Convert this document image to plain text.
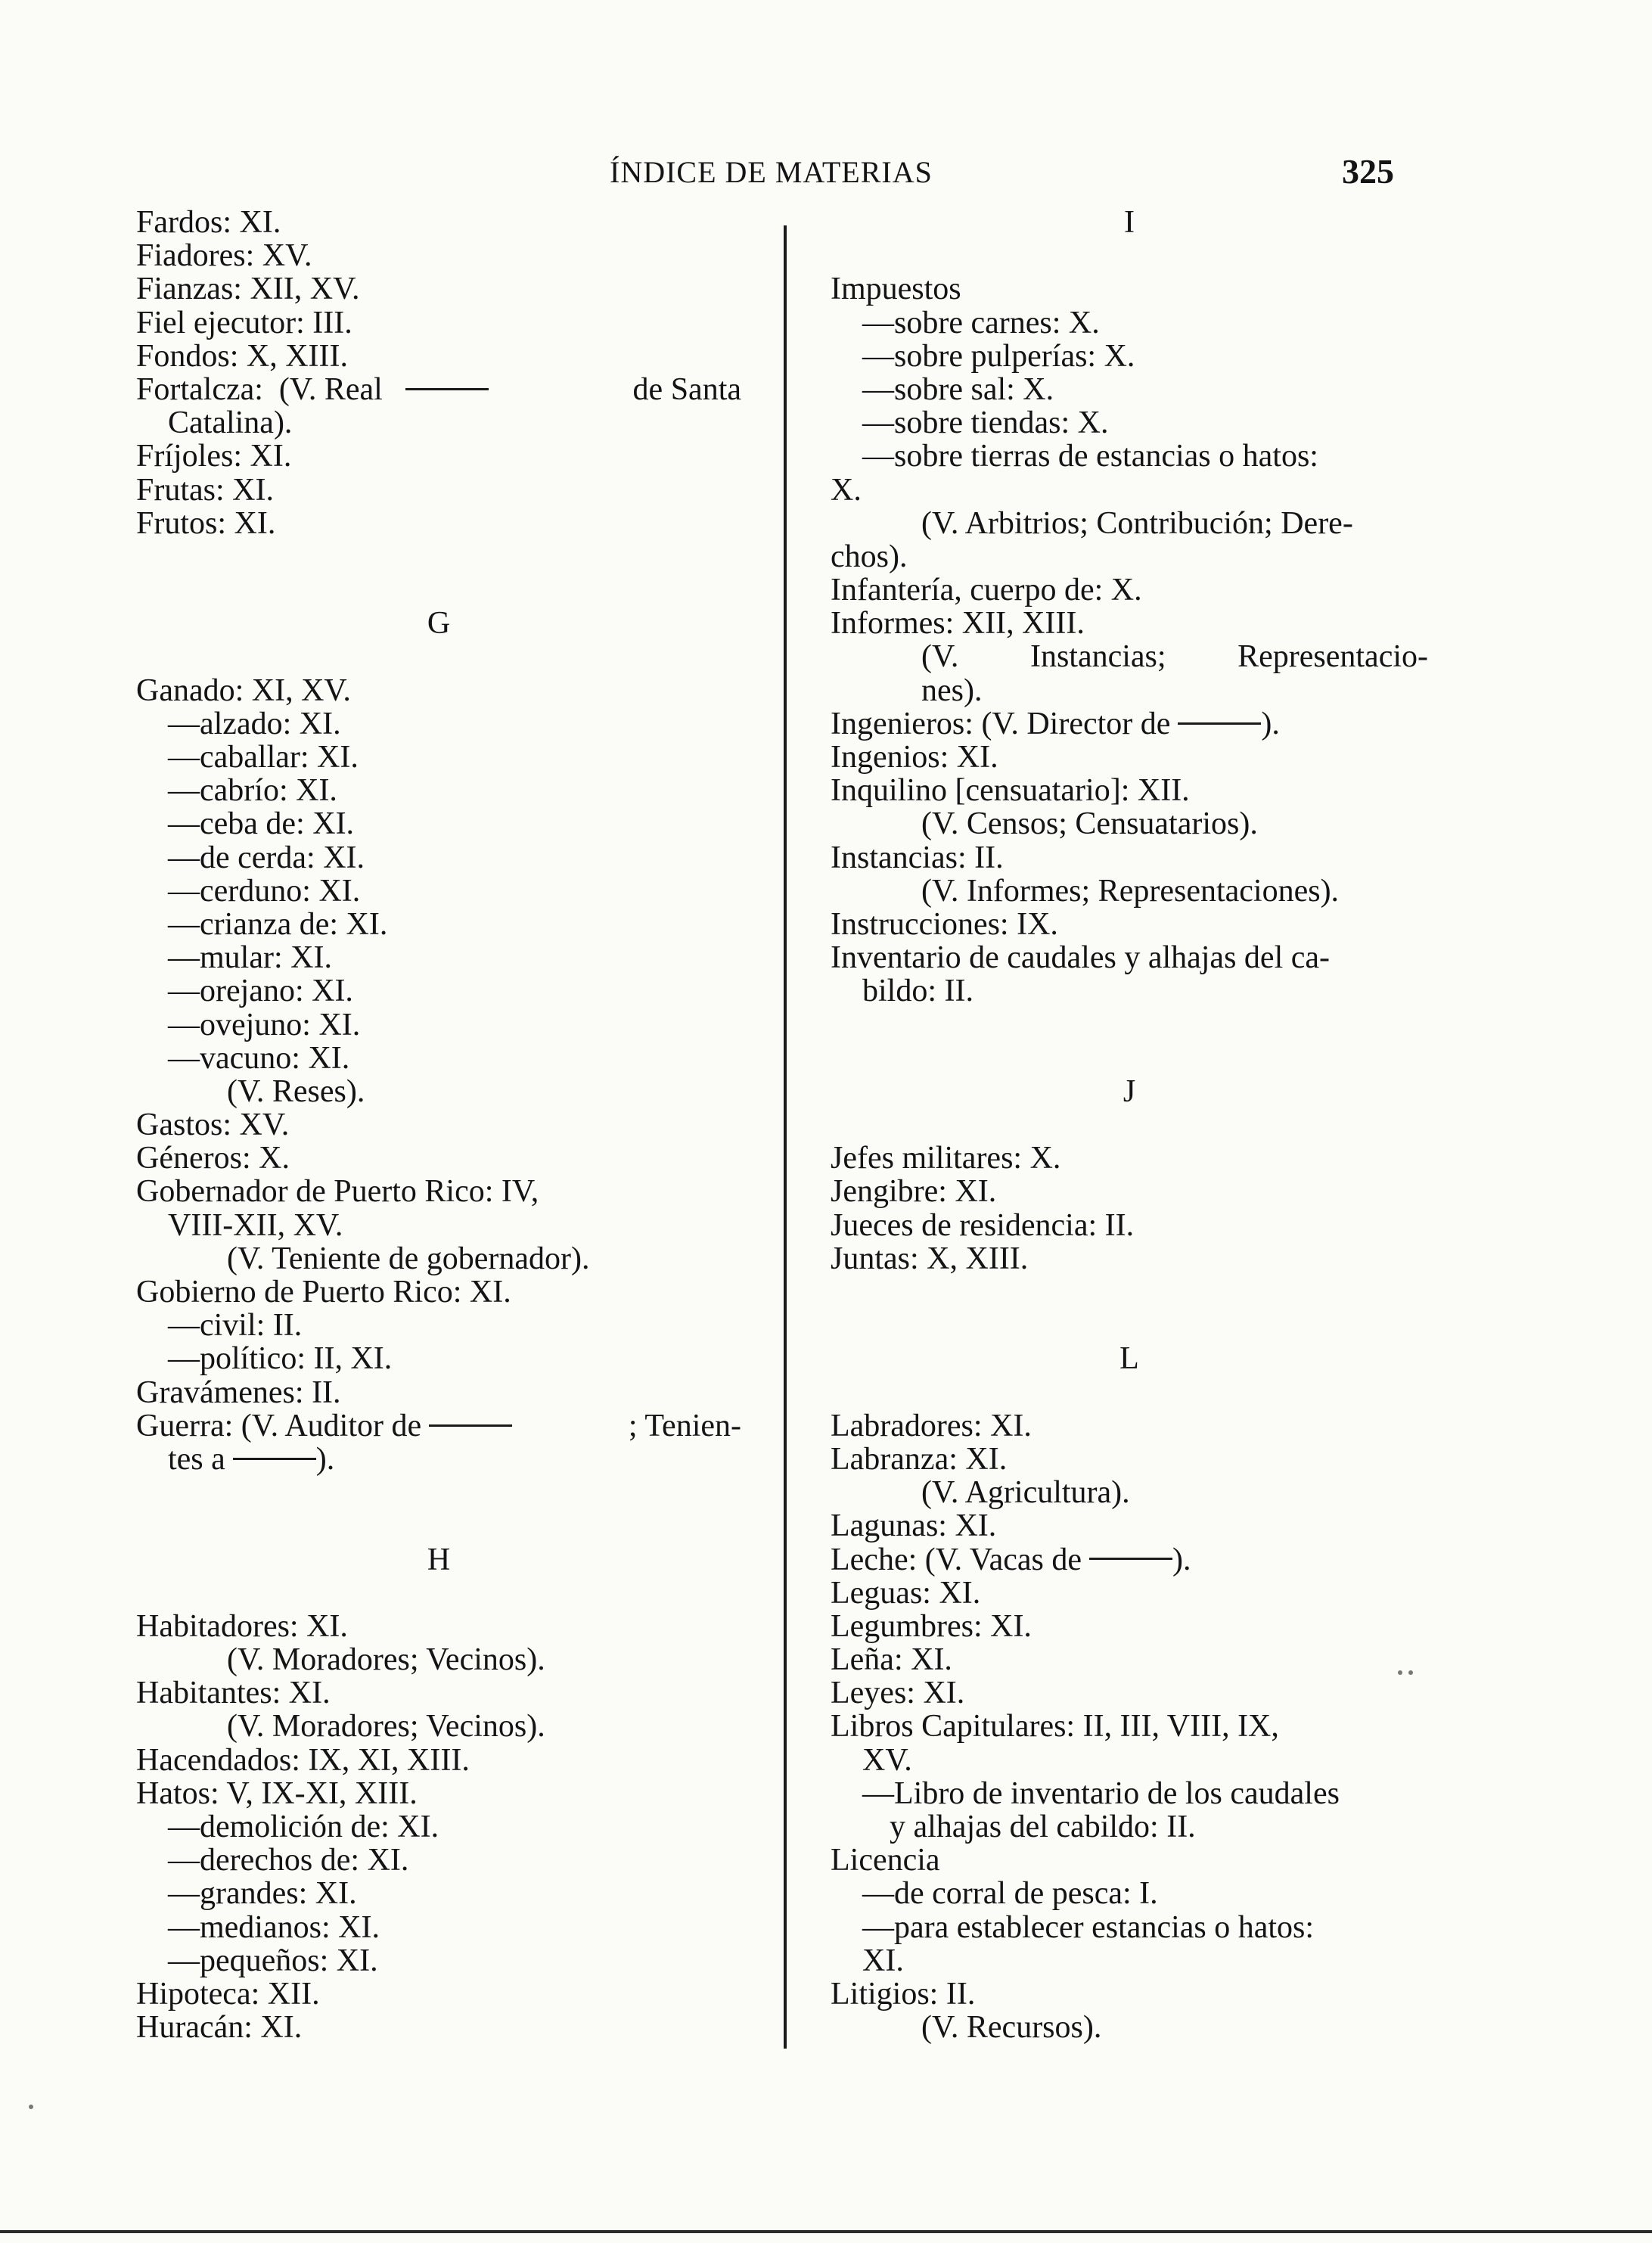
ÍNDICE DE MATERIAS	325
Fardos: XI.
Fiadores: XV.
Fianzas: XII, XV.
Fiel ejecutor: III.
Fondos: X, XIII.
Fortalcza: (V. Real	de Santa
Catalina).
Fríjoles: XI.
Frutas: XI.
Frutos: XI.
G
Ganado: XI, XV.
—alzado: XI.
—caballar: XI.
—cabrío: XI.
—ceba de: XI.
—de cerda: XI.
—cerduno: XI.
—crianza de: XI.
—mular: XI.
—orejano: XI.
—ovejuno: XI.
—vacuno: XI.
(V. Reses).
Gastos: XV.
Géneros: X.
Gobernador de Puerto Rico: IV,
VIII-XII, XV.
(V. Teniente de gobernador).
Gobierno de Puerto Rico: XI.
—civil: II.
—político: II, XI.
Gravámenes: II.
Guerra: (V. Auditor de	; Tenien-
tes a	).
H
Habitadores: XI.
(V. Moradores; Vecinos).
Habitantes: XI.
(V. Moradores; Vecinos).
Hacendados: IX, XI, XIII.
Hatos: V, IX-XI, XIII.
—demolición de: XI.
—derechos de: XI.
—grandes: XI.
—medianos: XI.
—pequeños: XI.
Hipoteca: XII.
Huracán: XI.
I
Impuestos
—sobre carnes: X.
—sobre pulperías: X.
—sobre sal: X.
—sobre tiendas: X.
—sobre tierras de estancias o hatos:
X.
(V. Arbitrios; Contribución; Dere-
chos).
Infantería, cuerpo de: X.
Informes: XII, XIII.
(V. Instancias; Representacio-
nes).
Ingenieros: (V. Director de	).
Ingenios: XI.
Inquilino [censuatario]: XII.
(V. Censos; Censuatarios).
Instancias: II.
(V. Informes; Representaciones).
Instrucciones: IX.
Inventario de caudales y alhajas del ca-
bildo: II.
J
Jefes militares: X.
Jengibre: XI.
Jueces de residencia: II.
Juntas: X, XIII.
L
Labradores: XI.
Labranza: XI.
(V. Agricultura).
Lagunas: XI.
Leche: (V. Vacas de	).
Leguas: XI.
Legumbres: XI.
Leña: XI.
Leyes: XI.
Libros Capitulares: II, III, VIII, IX,
XV.
—Libro de inventario de los caudales
y alhajas del cabildo: II.
Licencia
—de corral de pesca: I.
—para establecer estancias o hatos:
XI.
Litigios: II.
(V. Recursos).
